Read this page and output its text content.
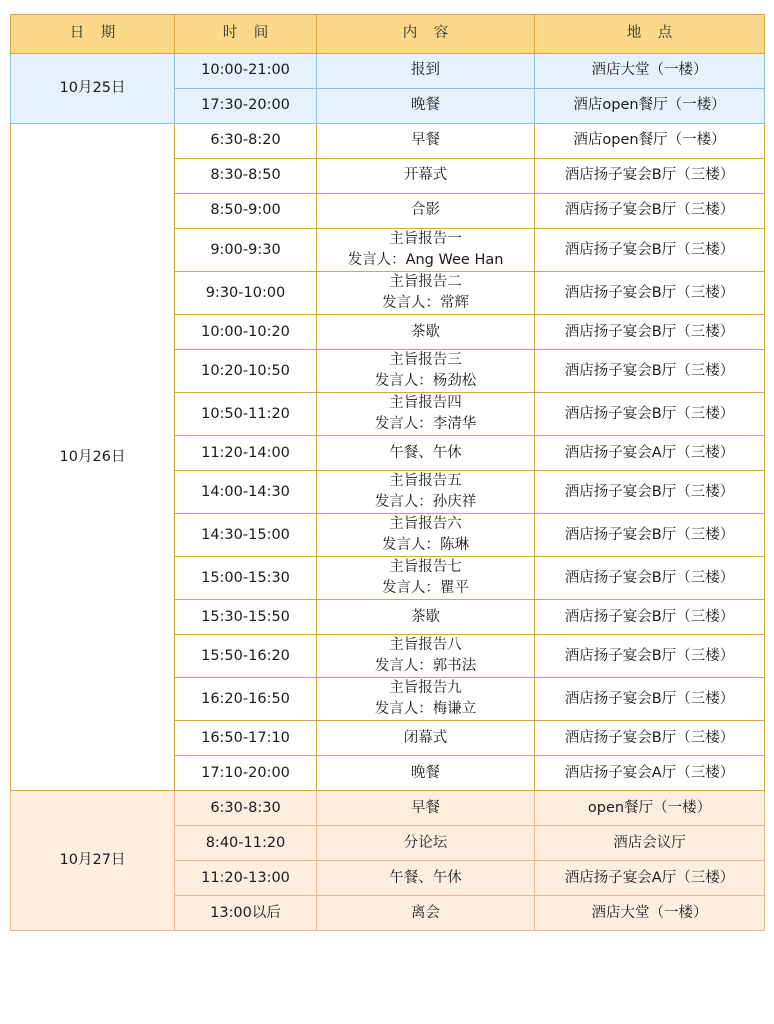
日 期	时 间	内 容	地 点
10月25日	10:00-21:00	报到	酒店大堂（一楼）
	17:30-20:00	晚餐	酒店open餐厅（一楼）
10月26日	6:30-8:20	早餐	酒店open餐厅（一楼）
	8:30-8:50	开幕式	酒店扬子宴会B厅（三楼）
	8:50-9:00	合影	酒店扬子宴会B厅（三楼）
	9:00-9:30	主旨报告一
发言人：Ang Wee Han	酒店扬子宴会B厅（三楼）
	9:30-10:00	主旨报告二
发言人：常辉	酒店扬子宴会B厅（三楼）
	10:00-10:20	茶歇	酒店扬子宴会B厅（三楼）
	10:20-10:50	主旨报告三
发言人：杨劲松	酒店扬子宴会B厅（三楼）
	10:50-11:20	主旨报告四
发言人：李清华	酒店扬子宴会B厅（三楼）
	11:20-14:00	午餐、午休	酒店扬子宴会A厅（三楼）
	14:00-14:30	主旨报告五
发言人：孙庆祥	酒店扬子宴会B厅（三楼）
	14:30-15:00	主旨报告六
发言人：陈琳	酒店扬子宴会B厅（三楼）
	15:00-15:30	主旨报告七
发言人：瞿平	酒店扬子宴会B厅（三楼）
	15:30-15:50	茶歇	酒店扬子宴会B厅（三楼）
	15:50-16:20	主旨报告八
发言人：郭书法	酒店扬子宴会B厅（三楼）
	16:20-16:50	主旨报告九
发言人：梅谦立	酒店扬子宴会B厅（三楼）
	16:50-17:10	闭幕式	酒店扬子宴会B厅（三楼）
	17:10-20:00	晚餐	酒店扬子宴会A厅（三楼）
10月27日	6:30-8:30	早餐	open餐厅（一楼）
	8:40-11:20	分论坛	酒店会议厅
	11:20-13:00	午餐、午休	酒店扬子宴会A厅（三楼）
	13:00以后	离会	酒店大堂（一楼）
